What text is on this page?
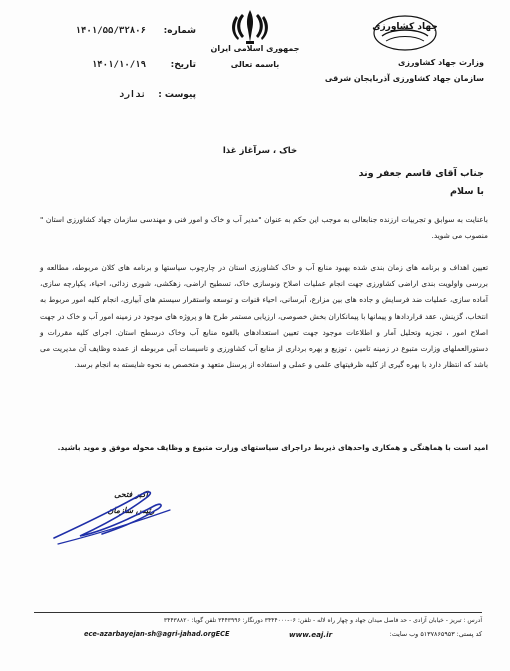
جمهوری اسلامی ایران
باسمه تعالی
جهاد کشاورزی
وزارت جهاد کشاورزی
سازمان جهاد کشاورزی آذربایجان شرقی
شماره:
۱۴۰۱/۵۵/۳۲۸۰۶
تاریخ:
۱۴۰۱/۱۰/۱۹
پیوست :
ندارد
خاک ، سرآغاز غذا
جناب آقای قاسم جعفر وند
با سلام
باعنایت به سوابق و تجربیات ارزنده جنابعالی به موجب این حکم به عنوان "مدیر آب و خاک و امور فنی و مهندسی سازمان جهاد کشاورزی استان " منصوب می شوید.
تعیین اهداف و برنامه های زمان بندی شده بهبود منابع آب و خاک کشاورزی استان در چارچوب سیاستها و برنامه های کلان مربوطه، مطالعه و بررسی واولویت بندی اراضی کشاورزی جهت انجام عملیات اصلاح ونوسازی خاک، تسطیح اراضی، زهکشی، شوری زدائی، احیاء، یکپارچه سازی، آماده سازی، عملیات ضد فرسایش و جاده های بین مزارع، آبرسانی، احیاء قنوات و توسعه واستقرار سیستم های آبیاری، انجام کلیه امور مربوط به انتخاب، گزینش، عقد قراردادها و پیمانها با پیمانکاران بخش خصوصی، ارزیابی مستمر طرح ها و پروژه های موجود در زمینه امور آب و خاک در جهت اصلاح امور ، تجزیه وتحلیل آمار و اطلاعات موجود جهت تعیین استعدادهای بالقوه منابع آب وخاک درسطح استان. اجرای کلیه مقررات و دستورالعملهای وزارت متبوع در زمینه تامین ، توزیع و بهره برداری از منابع آب کشاورزی و تاسیسات آبی مربوطه از عمده وظایف آن مدیریت می باشد که انتظار دارد با بهره گیری از کلیه ظرفیتهای علمی و عملی و استفاده از پرسنل متعهد و متخصص به نحوه شایسته به انجام برسد.
امید است با هماهنگی و همکاری واحدهای ذیربط دراجرای سیاستهای وزارت متبوع و وظایف محوله موفق و موید باشید.
اکبر فتحی
رئیس سازمان
آدرس : تبریز - خیابان آزادی - حد فاصل میدان جهاد و چهار راه لاله - تلفن: ۰۶-۳۴۴۴۰۰۰ دورنگار: ۳۴۴۳۹۹۶ تلفن گویا: ۳۴۴۳۸۸۲۰
کد پستی: ۵۱۳۷۸۶۵۹۵۳ وب سایت:
www.eaj.ir
ece-azarbayejan-sh@agri-jahad.orgECE
